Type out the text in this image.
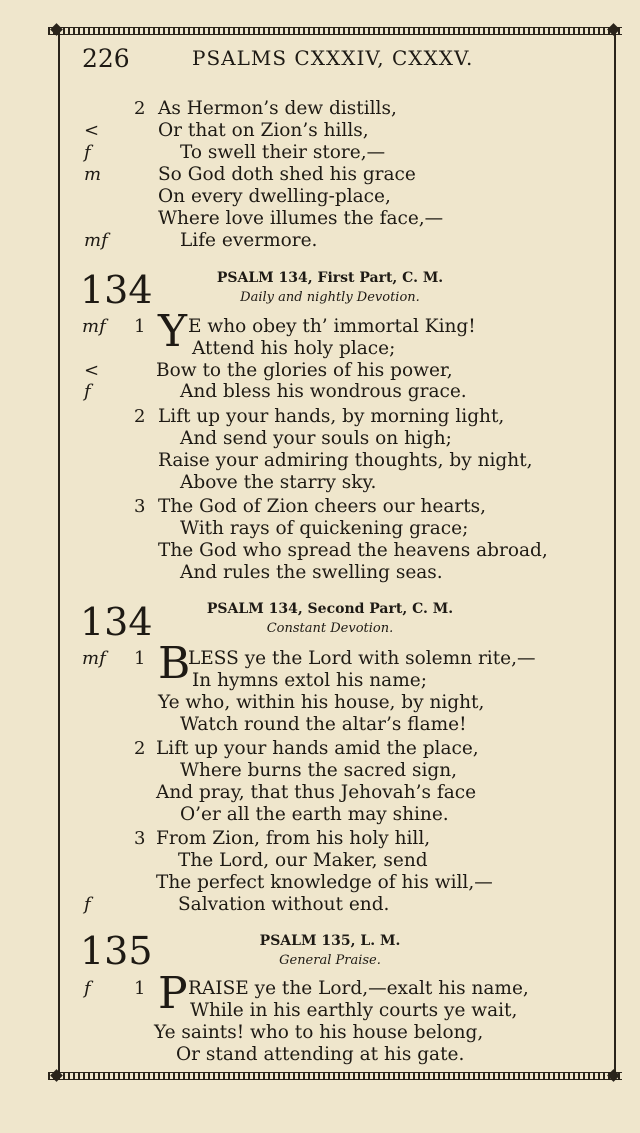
226	PSALMS CXXXIV, CXXXV.
2 As Hermon’s dew distills,
<	Or that on Zion’s hills,
f	To swell their store,—
m	So God doth shed his grace
On every dwelling-place,
Where love illumes the face,—
mf	Life evermore.
134	PSALM 134, First Part, C. M.
Daily and nightly Devotion.
mf 1 Y E who obey th’ immortal King!
Attend his holy place;
<	Bow to the glories of his power,
f	And bless his wondrous grace.
2 Lift up your hands, by morning light,
And send your souls on high;
Raise your admiring thoughts, by night,
Above the starry sky.
3 The God of Zion cheers our hearts,
With rays of quickening grace;
The God who spread the heavens abroad,
And rules the swelling seas.
134	PSALM 134, Second Part, C. M.
Constant Devotion.
mf 1 B
LESS ye the Lord with solemn rite,—
In hymns extol his name;
Ye who, within his house, by night,
Watch round the altar’s flame!
2 Lift up your hands amid the place,
Where burns the sacred sign,
And pray, that thus Jehovah’s face
O’er all the earth may shine.
3 From Zion, from his holy hill,
The Lord, our Maker, send
The perfect knowledge of his will,—
f	Salvation without end.
135	PSALM 135, L. M.
General Praise.
f 1 P RAISE ye the Lord,—exalt his name,
While in his earthly courts ye wait,
Ye saints! who to his house belong,
Or stand attending at his gate.
